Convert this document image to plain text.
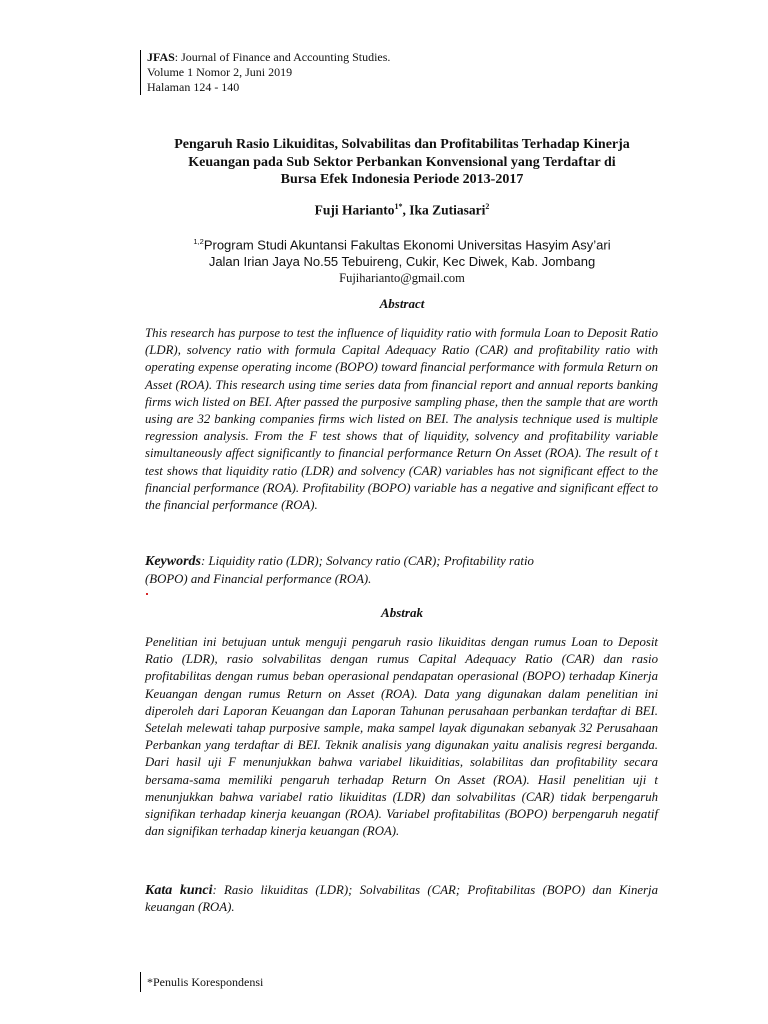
JFAS: Journal of Finance and Accounting Studies.
Volume 1 Nomor 2, Juni 2019
Halaman 124 - 140
Pengaruh Rasio Likuiditas, Solvabilitas dan Profitabilitas Terhadap Kinerja
Keuangan pada Sub Sektor Perbankan Konvensional yang Terdaftar di
Bursa Efek Indonesia Periode 2013-2017
Fuji Harianto$^{1*}$, Ika Zutiasari$^2$
$^{1,2}$Program Studi Akuntansi Fakultas Ekonomi Universitas Hasyim Asy’ari
Jalan Irian Jaya No.55 Tebuireng, Cukir, Kec Diwek, Kab. Jombang
Fujiharianto@gmail.com
Abstract

This research has purpose to test the influence of liquidity ratio with formula Loan to Deposit Ratio (LDR), solvency ratio with formula Capital Adequacy Ratio (CAR) and profitability ratio with operating expense operating income (BOPO) toward financial performance with formula Return on Asset (ROA). This research using time series data from financial report and annual reports banking firms wich listed on BEI. After passed the purposive sampling phase, then the sample that are worth using are 32 banking companies firms wich listed on BEI. The analysis technique used is multiple regression analysis. From the F test shows that of liquidity, solvency and profitability variable simultaneously affect significantly to financial performance Return On Asset (ROA). The result of t test shows that liquidity ratio (LDR) and solvency (CAR) variables has not significant effect to the financial performance (ROA). Profitability (BOPO) variable has a negative and significant effect to the financial performance (ROA).

Keywords: Liquidity ratio (LDR); Solvancy ratio (CAR); Profitability ratio
(BOPO) and Financial performance (ROA).
Abstrak

Penelitian ini betujuan untuk menguji pengaruh rasio likuiditas dengan rumus Loan to Deposit Ratio (LDR), rasio solvabilitas dengan rumus Capital Adequacy Ratio (CAR) dan rasio profitabilitas dengan rumus beban operasional pendapatan operasional (BOPO) terhadap Kinerja Keuangan dengan rumus Return on Asset (ROA). Data yang digunakan dalam penelitian ini diperoleh dari Laporan Keuangan dan Laporan Tahunan perusahaan perbankan terdaftar di BEI. Setelah melewati tahap purposive sample, maka sampel layak digunakan sebanyak 32 Perusahaan Perbankan yang terdaftar di BEI. Teknik analisis yang digunakan yaitu analisis regresi berganda. Dari hasil uji F menunjukkan bahwa variabel likuiditias, solabilitas dan profitability secara bersama-sama memiliki pengaruh terhadap Return On Asset (ROA). Hasil penelitian uji t menunjukkan bahwa variabel ratio likuiditas (LDR) dan solvabilitas (CAR) tidak berpengaruh signifikan terhadap kinerja keuangan (ROA). Variabel profitabilitas (BOPO) berpengaruh negatif dan signifikan terhadap kinerja keuangan (ROA).

Kata kunci: Rasio likuiditas (LDR); Solvabilitas (CAR; Profitabilitas (BOPO) dan Kinerja keuangan (ROA).
*Penulis Korespondensi
